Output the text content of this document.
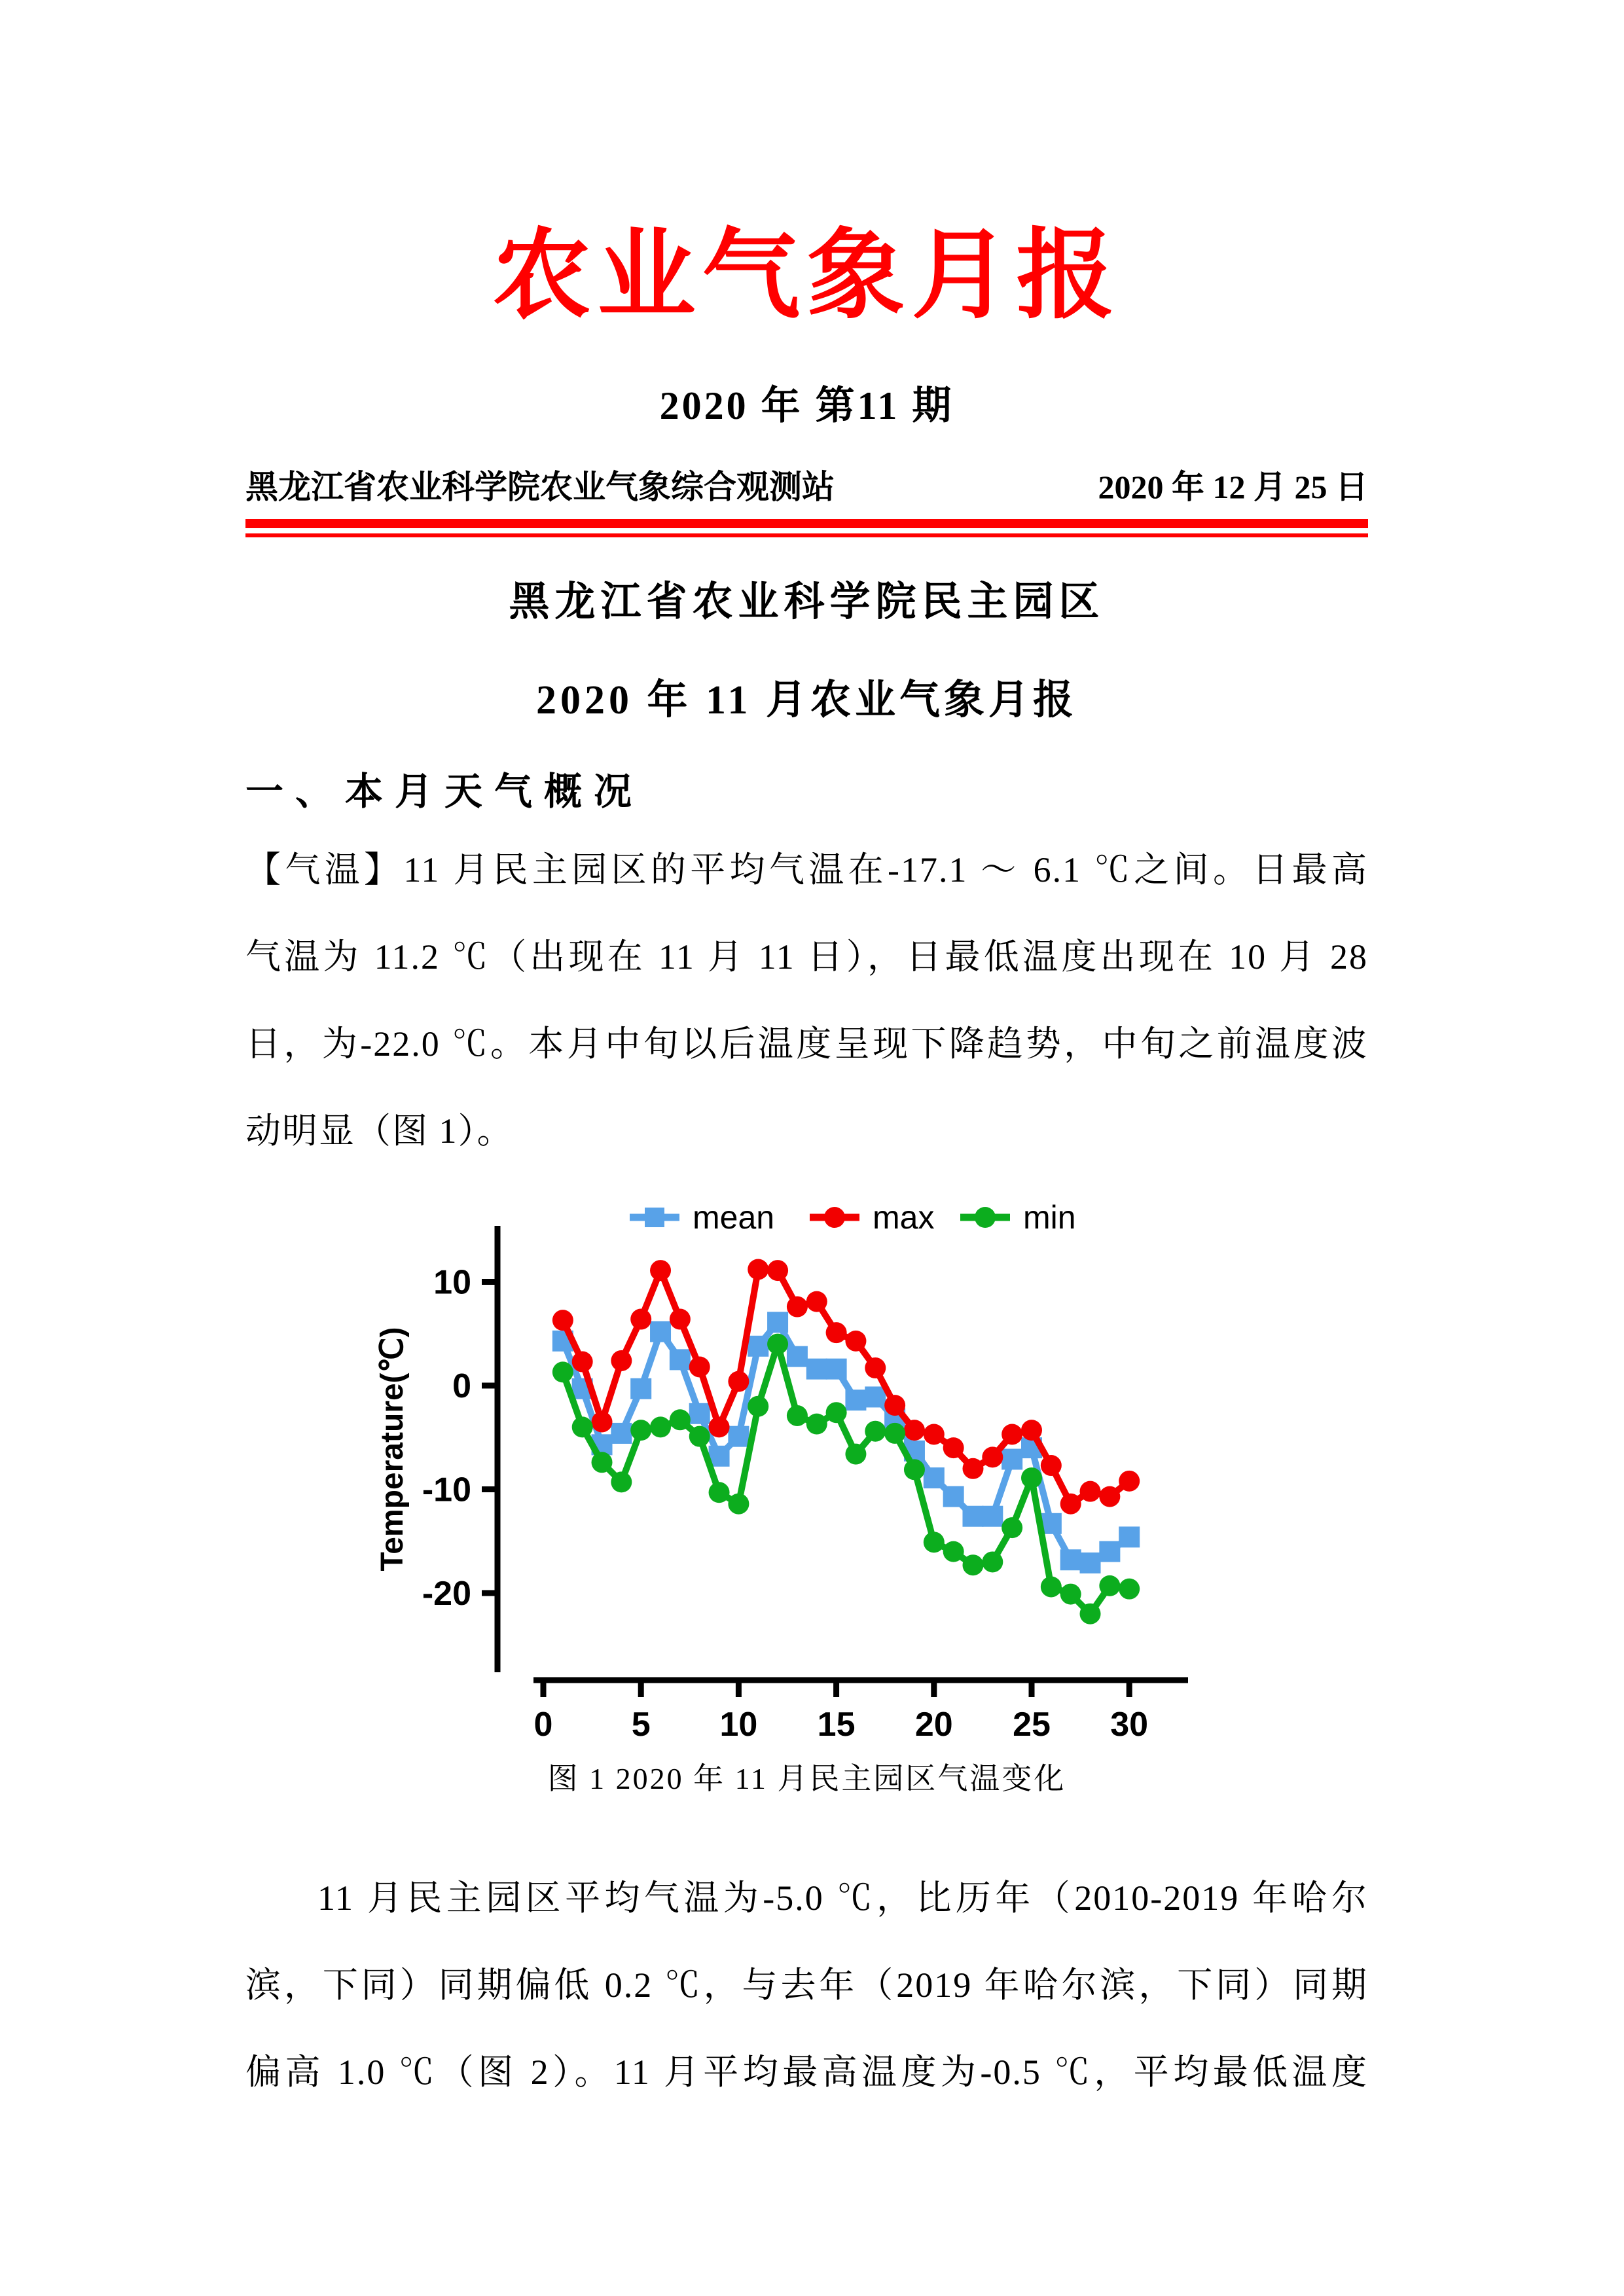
农业气象月报
2020 年 第11 期
黑龙江省农业科学院农业气象综合观测站	2020 年 12 月 25 日
黑龙江省农业科学院民主园区
2020 年 11 月农业气象月报
一、本月天气概况
【气温】11 月民主园区的平均气温在-17.1 ～ 6.1 ℃之间。日最高
气温为 11.2 ℃（出现在 11 月 11 日），日最低温度出现在 10 月 28
日，为-22.0 ℃。本月中旬以后温度呈现下降趋势，中旬之前温度波
动明显（图 1）。
10
0
-10
-20
Temperature(℃)
0 5 10 15 20 25 30
mean	max	min
图 1 2020 年 11 月民主园区气温变化
11 月民主园区平均气温为-5.0 ℃，比历年（2010-2019 年哈尔
滨，下同）同期偏低 0.2 ℃，与去年（2019 年哈尔滨，下同）同期
偏高 1.0 ℃（图 2）。11 月平均最高温度为-0.5 ℃，平均最低温度
